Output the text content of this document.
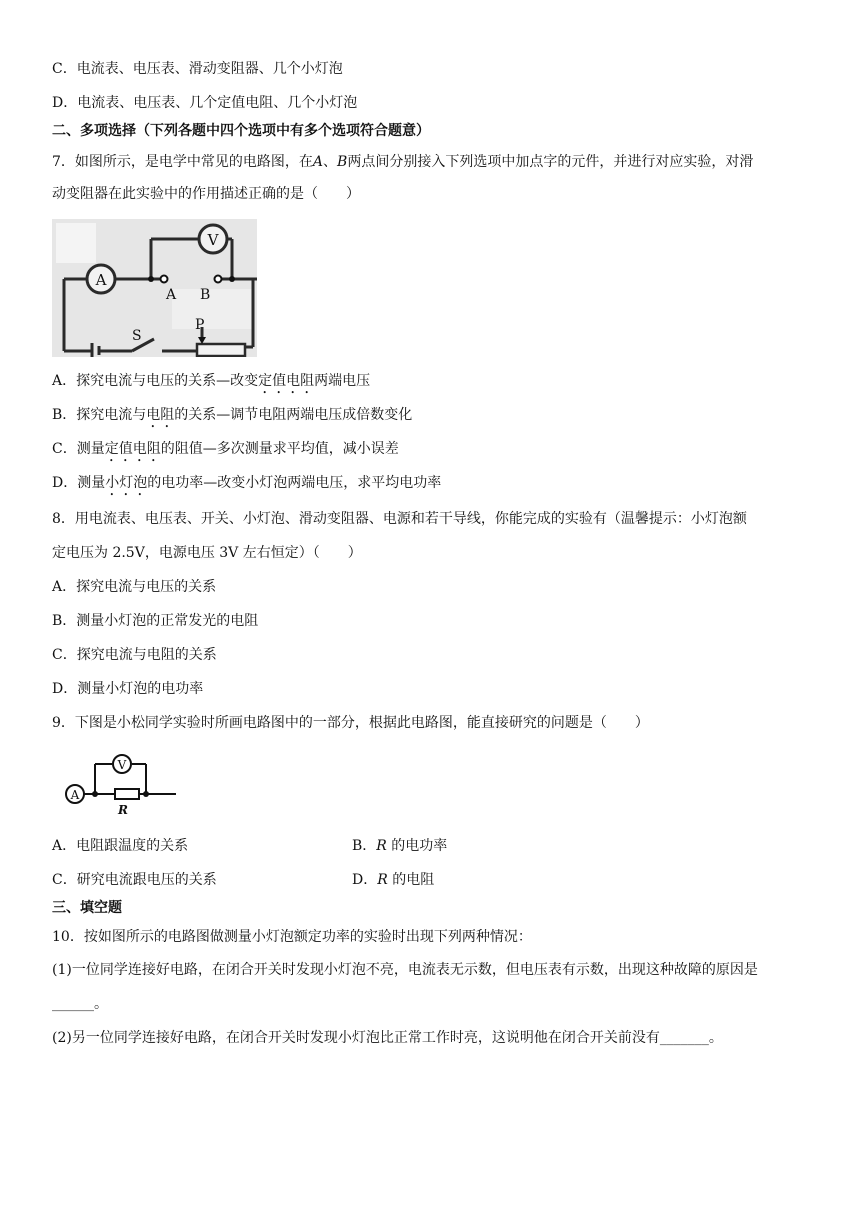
C．电流表、电压表、滑动变阻器、几个小灯泡
D．电流表、电压表、几个定值电阻、几个小灯泡
二、多项选择（下列各题中四个选项中有多个选项符合题意）
7．如图所示，是电学中常见的电路图，在A、B两点间分别接入下列选项中加点字的元件，并进行对应实验，对滑
动变阻器在此实验中的作用描述正确的是（　　）
A
V
A B
S
P
A．探究电流与电压的关系—改变定值电阻两端电压
B．探究电流与电阻的关系—调节电阻两端电压成倍数变化
C．测量定值电阻的阻值—多次测量求平均值，减小误差
D．测量小灯泡的电功率—改变小灯泡两端电压，求平均电功率
8．用电流表、电压表、开关、小灯泡、滑动变阻器、电源和若干导线，你能完成的实验有（温馨提示：小灯泡额
定电压为 2.5V，电源电压 3V 左右恒定）（　　）
A．探究电流与电压的关系
B．测量小灯泡的正常发光的电阻
C．探究电流与电阻的关系
D．测量小灯泡的电功率
9．下图是小松同学实验时所画电路图中的一部分，根据此电路图，能直接研究的问题是（　　）
A
V
R
A．电阻跟温度的关系	B．R 的电功率
C．研究电流跟电压的关系	D．R 的电阻
三、填空题
10．按如图所示的电路图做测量小灯泡额定功率的实验时出现下列两种情况：
(1)一位同学连接好电路，在闭合开关时发现小灯泡不亮，电流表无示数，但电压表有示数，出现这种故障的原因是
______。
(2)另一位同学连接好电路，在闭合开关时发现小灯泡比正常工作时亮，这说明他在闭合开关前没有_______。
